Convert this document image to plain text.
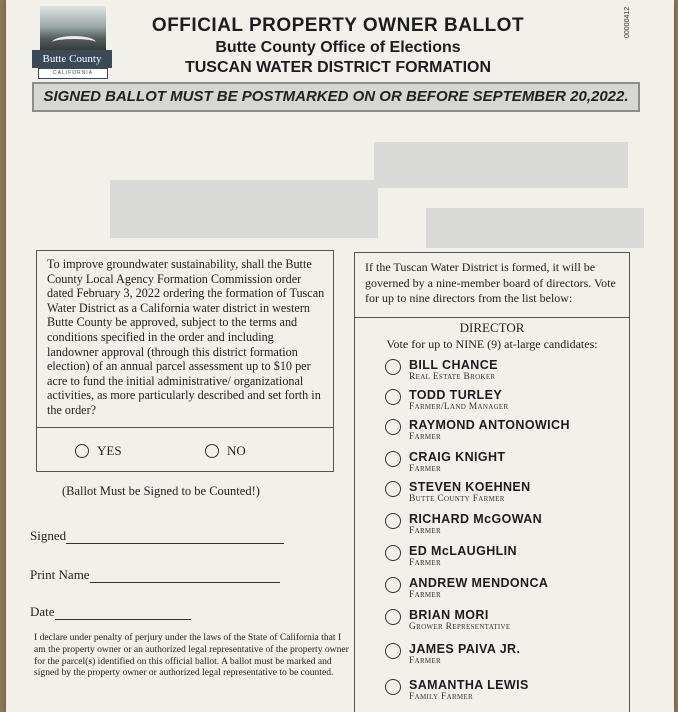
Butte County
CALIFORNIA
OFFICIAL PROPERTY OWNER BALLOT
Butte County Office of Elections
TUSCAN WATER DISTRICT FORMATION
00000412
SIGNED BALLOT MUST BE POSTMARKED ON OR BEFORE SEPTEMBER 20,2022.
To improve groundwater sustainability, shall the Butte County Local Agency Formation Commission order dated February 3, 2022 ordering the formation of Tuscan Water District as a California water district in western Butte County be approved, subject to the terms and conditions specified in the order and including landowner approval (through this district formation election) of an annual parcel assessment up to $10 per acre to fund the initial administrative/ organizational activities, as more particularly described and set forth in the order?
YES	NO
(Ballot Must be Signed to be Counted!)
Signed
Print Name
Date
I declare under penalty of perjury under the laws of the State of California that I am the property owner or an authorized legal representative of the property owner for the parcel(s) identified on this official ballot. A ballot must be marked and signed by the property owner or authorized legal representative to be counted.
If the Tuscan Water District is formed, it will be governed by a nine-member board of directors. Vote for up to nine directors from the list below:
DIRECTOR
Vote for up to NINE (9) at-large candidates:
BILL CHANCE
Real Estate Broker
TODD TURLEY
Farmer/Land Manager
RAYMOND ANTONOWICH
Farmer
CRAIG KNIGHT
Farmer
STEVEN KOEHNEN
Butte County Farmer
RICHARD McGOWAN
Farmer
ED McLAUGHLIN
Farmer
ANDREW MENDONCA
Farmer
BRIAN MORI
Grower Representative
JAMES PAIVA JR.
Farmer
SAMANTHA LEWIS
Family Farmer
